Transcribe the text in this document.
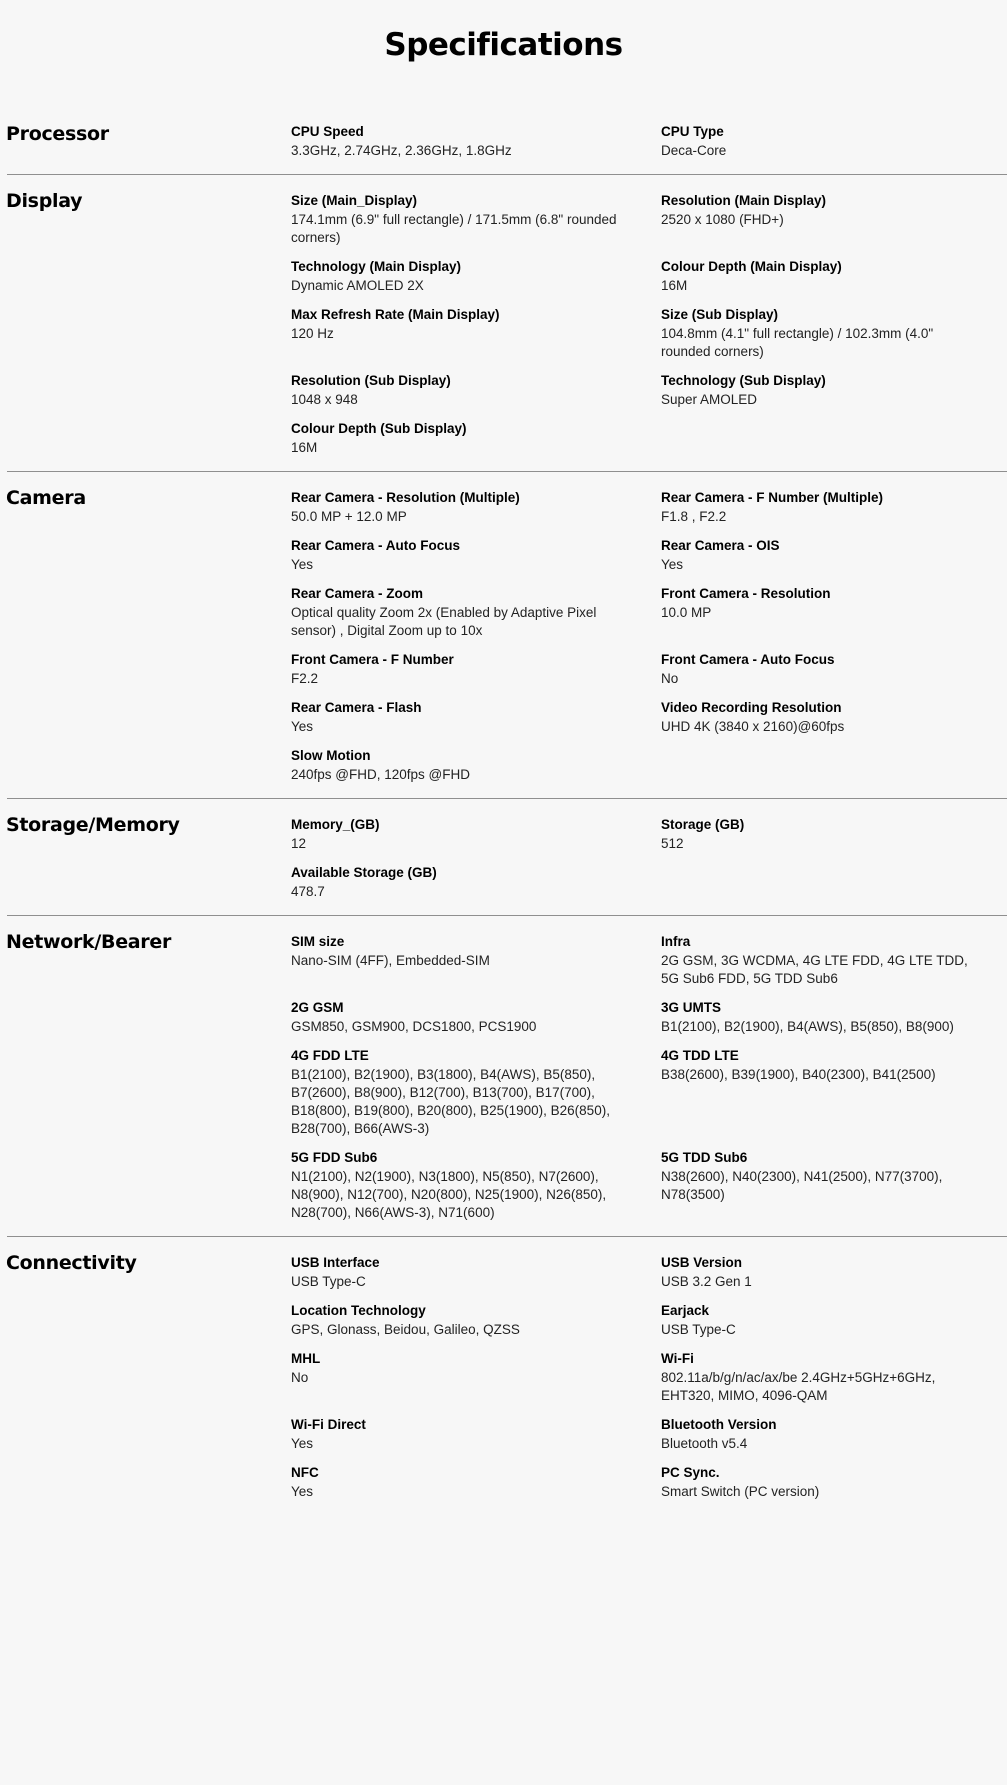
Specifications
Processor	CPU Speed
3.3GHz, 2.74GHz, 2.36GHz, 1.8GHz
CPU Type
Deca-Core
Display	Size (Main_Display)
174.1mm (6.9" full rectangle) / 171.5mm (6.8" rounded corners)
Resolution (Main Display)
2520 x 1080 (FHD+)
Technology (Main Display)
Dynamic AMOLED 2X
Colour Depth (Main Display)
16M
Max Refresh Rate (Main Display)
120 Hz
Size (Sub Display)
104.8mm (4.1" full rectangle) / 102.3mm (4.0" rounded corners)
Resolution (Sub Display)
1048 x 948
Technology (Sub Display)
Super AMOLED
Colour Depth (Sub Display)
16M
Camera	Rear Camera - Resolution (Multiple)
50.0 MP + 12.0 MP
Rear Camera - F Number (Multiple)
F1.8 , F2.2
Rear Camera - Auto Focus
Yes
Rear Camera - OIS
Yes
Rear Camera - Zoom
Optical quality Zoom 2x (Enabled by Adaptive Pixel sensor) , Digital Zoom up to 10x
Front Camera - Resolution
10.0 MP
Front Camera - F Number
F2.2
Front Camera - Auto Focus
No
Rear Camera - Flash
Yes
Video Recording Resolution
UHD 4K (3840 x 2160)@60fps
Slow Motion
240fps @FHD, 120fps @FHD
Storage/Memory	Memory_(GB)
12
Storage (GB)
512
Available Storage (GB)
478.7
Network/Bearer	SIM size
Nano-SIM (4FF), Embedded-SIM
Infra
2G GSM, 3G WCDMA, 4G LTE FDD, 4G LTE TDD, 5G Sub6 FDD, 5G TDD Sub6
2G GSM
GSM850, GSM900, DCS1800, PCS1900
3G UMTS
B1(2100), B2(1900), B4(AWS), B5(850), B8(900)
4G FDD LTE
B1(2100), B2(1900), B3(1800), B4(AWS), B5(850), B7(2600), B8(900), B12(700), B13(700), B17(700), B18(800), B19(800), B20(800), B25(1900), B26(850), B28(700), B66(AWS-3)
4G TDD LTE
B38(2600), B39(1900), B40(2300), B41(2500)
5G FDD Sub6
N1(2100), N2(1900), N3(1800), N5(850), N7(2600), N8(900), N12(700), N20(800), N25(1900), N26(850), N28(700), N66(AWS-3), N71(600)
5G TDD Sub6
N38(2600), N40(2300), N41(2500), N77(3700), N78(3500)
Connectivity	USB Interface
USB Type-C
USB Version
USB 3.2 Gen 1
Location Technology
GPS, Glonass, Beidou, Galileo, QZSS
Earjack
USB Type-C
MHL
No
Wi-Fi
802.11a/b/g/n/ac/ax/be 2.4GHz+5GHz+6GHz, EHT320, MIMO, 4096-QAM
Wi-Fi Direct
Yes
Bluetooth Version
Bluetooth v5.4
NFC
Yes
PC Sync.
Smart Switch (PC version)
